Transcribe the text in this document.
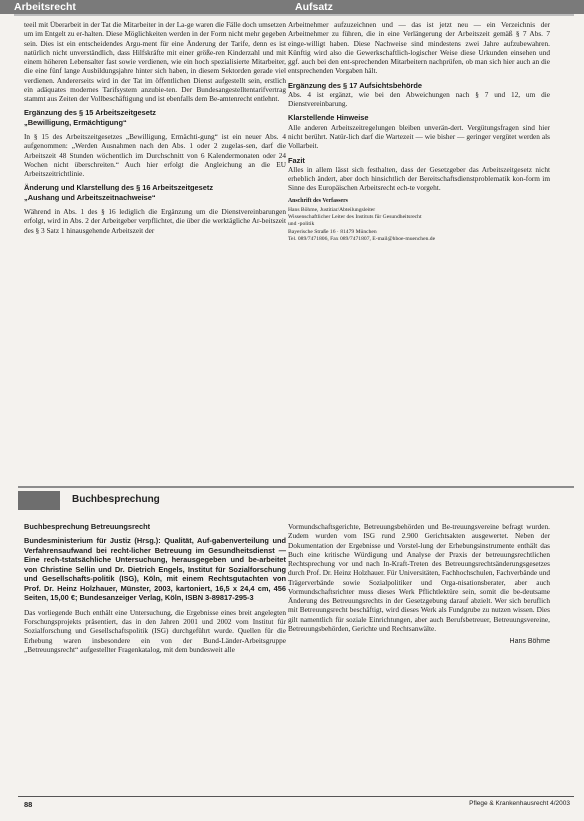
Arbeitsrecht	Aufsatz

teeil mit Überarbeit in der Tat die Mitarbeiter in der La-ge waren die Fälle doch umsetzen um im Entgelt zu er-halten. Diese Möglichkeiten werden in der Form nicht mehr gegeben sein. Dies ist ein entscheidendes Argu-ment für eine Änderung der Tarife, denn es ist natürlich nicht unverständlich, dass Hilfskräfte mit einer größe-ren Kinderzahl und mit einem höheren Lebensalter fast sowie verdienen, wie ein hoch spezialisierte Mitarbeiter, die eine fünf lange Ausbildungsjahre hinter sich haben, in diesem Sektorden gerade viel verdienen. Andererseits wird in der Tat im öffentlichen Dienst aufgestellt sein, erstlich ein adäquates modernes Tarifsystem anzubie-ten. Der Bundesangestelltentarifvertrag stammt aus Zeiten der Vollbeschäftigung und ist ebenfalls dem Be-amtenrecht entlehnt.

Ergänzung des § 15 Arbeitszeitgesetz

„Bewilligung, Ermächtigung“

In § 15 des Arbeitszeitgesetzes „Bewilligung, Ermächti-gung“ ist ein neuer Abs. 4 aufgenommen: „Werden Ausnahmen nach den Abs. 1 oder 2 zugelas-sen, darf die Arbeitszeit 48 Stunden wöchentlich im Durchschnitt von 6 Kalendermonaten oder 24 Wochen nicht überschreiten.“ Auch hier erfolgt die Angleichung an die EU Arbeitszeitrichtlinie.

Änderung und Klarstellung des § 16 Arbeitszeitgesetz

„Aushang und Arbeitszeitnachweise“

Während in Abs. 1 des § 16 lediglich die Ergänzung um die Dienstvereinbarungen erfolgt, wird in Abs. 2 der Arbeitgeber verpflichtet, die über die werktägliche Ar-beitszeit des § 3 Satz 1 hinausgehende Arbeitszeit der

Arbeitnehmer aufzuzeichnen und — das ist jetzt neu — ein Verzeichnis der Arbeitnehmer zu führen, die in eine Verlängerung der Arbeitszeit gemäß § 7 Abs. 7 einge-willigt haben. Diese Nachweise sind mindestens zwei Jahre aufzubewahren. Künftig wird also die Gewerkschaftlich-logischer Weise diese Urkunden einsehen und ggf. auch bei den ent-sprechenden Mitarbeitern nachprüfen, ob man sich hier auch an die entsprechenden Vorgaben hält.

Ergänzung des § 17 Aufsichtsbehörde

Abs. 4 ist ergänzt, wie bei den Abweichungen nach § 7 und 12, um die Dienstvereinbarung.

Klarstellende Hinweise

Alle anderen Arbeitszeitregelungen bleiben unverän-dert. Vergütungsfragen sind hier nicht berührt. Natür-lich darf die Wartezeit — wie bisher — geringer vergütet werden als Vollarbeit.

Fazit

Alles in allem lässt sich festhalten, dass der Gesetzgeber das Arbeitszeitgesetz nicht erheblich ändert, aber doch hinsichtlich der Bereitschaftsdienstproblematik kon-form im Sinne des Europäischen Arbeitsrecht ech-te vorgeht.

Anschrift des Verfassers
Hans Böhme, Justitiar/Abteilungsleiter
Wissenschaftlicher Leiter des Instituts für Gesundheitsrecht
und -politik
Bayerische Straße 16 · 81479 München
Tel. 089/7471806, Fax 089/7471807, E-mail@hboe-muenchen.de
Buchbesprechung

Buchbesprechung Betreuungsrecht

Bundesministerium für Justiz (Hrsg.): Qualität, Auf-gabenverteilung und Verfahrensaufwand bei recht-licher Betreuung im Gesundheitsdienst — Eine rech-tstatsächliche Untersuchung, herausgegeben und be-arbeitet von Christine Sellin und Dr. Dietrich Engels, Institut für Sozialforschung und Gesellschafts-politik (ISG), Köln, mit einem Rechtsgutachten von Prof. Dr. Heinz Holzhauer, Münster, 2003, kartoniert, 16,5 x 24,4 cm, 456 Seiten, 15,00 €; Bundesanzeiger Verlag, Köln, ISBN 3-89817-295-3

Das vorliegende Buch enthält eine Untersuchung, die Ergebnisse eines breit angelegten Forschungsprojekts präsentiert, das in den Jahren 2001 und 2002 vom Institut für Sozialforschung und Gesellschaftspolitik (ISG) durchgeführt wurde. Quellen für die Erhebung waren insbesondere ein von der Bund-Länder-Arbeitsgruppe „Betreuungsrecht“ aufgestellter Fragenkatalog, mit dem bundesweit alle

Vormundschaftsgerichte, Betreuungsbehörden und Be-treuungsvereine befragt wurden. Zudem wurden vom ISG rund 2.900 Gerichtsakten ausgewertet. Neben der Dokumentation der Ergebnisse und Vorstel-lung der Erhebungsinstrumente enthält das Buch eine kritische Würdigung und Analyse der Praxis der betreuungsrechtlichen Rechtsprechung vor und nach In-Kraft-Treten des Betreuungsrechtsänderungsgesetzes durch Prof. Dr. Heinz Holzhauer. Für Universitäten, Fachhochschulen, Fachverbände und Trägerverbände sowie Sozialpolitiker und Orga-nisationsberater, aber auch Vormundschaftsrichter muss dieses Werk Pflichtlektüre sein, somit die be-deutsame Änderung des Betreuungsrechts in der Gesetzgebung darauf abzielt. Wer sich beruflich mit Betreuungsrecht beschäftigt, wird dieses Werk als Fundgrube zu nutzen wissen. Dies gilt namentlich für soziale Einrichtungen, aber auch Berufsbetreuer, Betreuungsvereine, Betreuungsbehörden, Gerichte und Rechtsanwälte.

Hans Böhme
88	Pflege & Krankenhausrecht 4/2003
